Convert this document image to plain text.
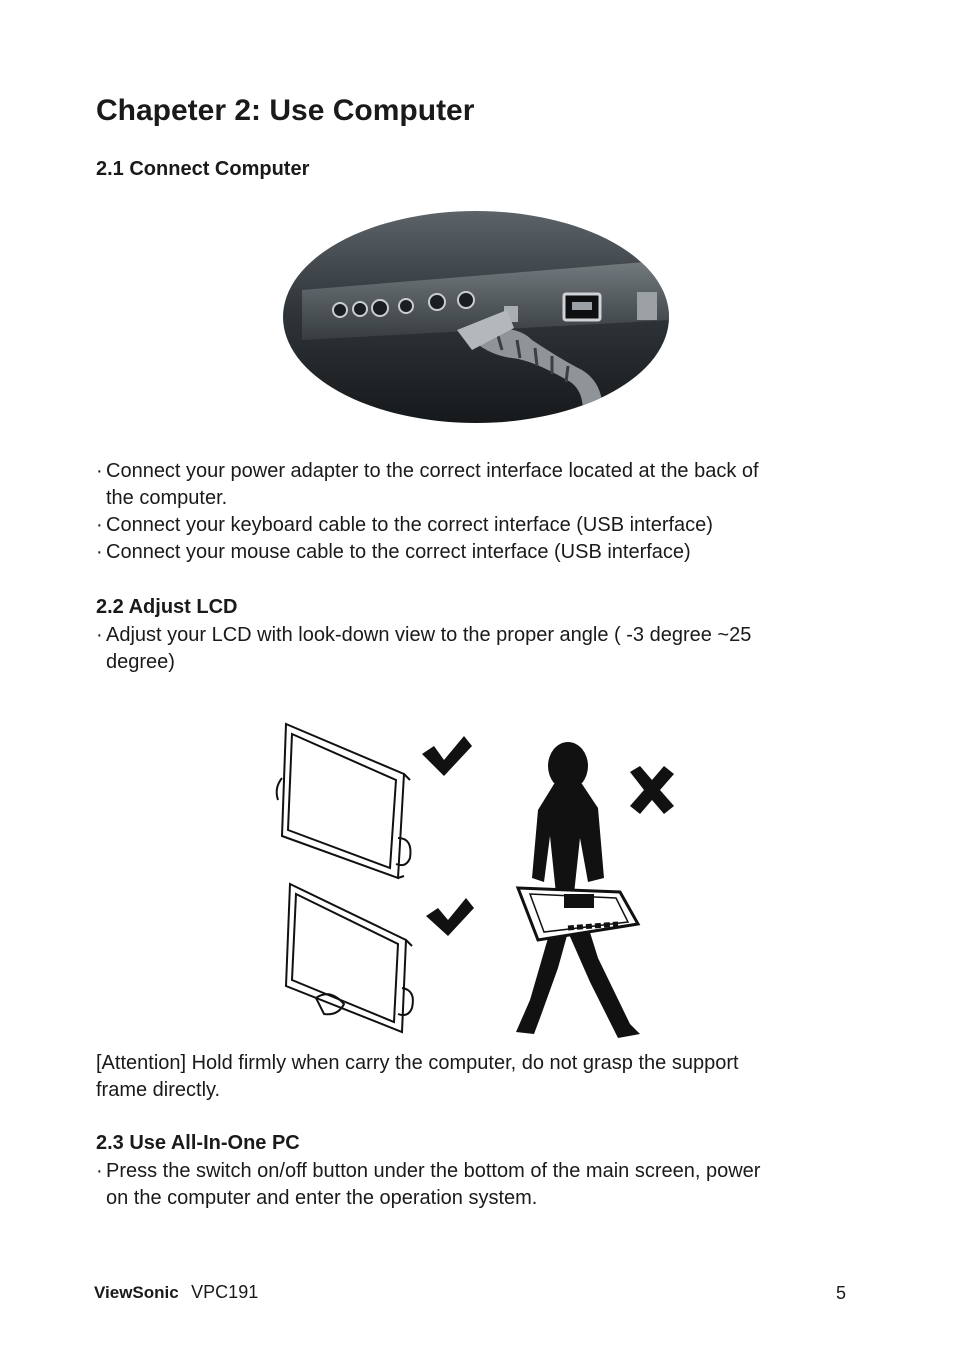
Chapeter 2: Use Computer
2.1 Connect Computer
· Connect your power adapter to the correct interface located at the back of
the computer.
· Connect your keyboard cable to the correct interface (USB interface)
· Connect your mouse cable to the correct interface (USB interface)
2.2 Adjust LCD
· Adjust your LCD with look-down view to the proper angle ( -3 degree ~25
degree)
[Attention] Hold firmly when carry the computer, do not grasp the support
frame directly.
2.3 Use All-In-One PC
· Press the switch on/off button under the bottom of the main screen, power
on the computer and enter the operation system.
ViewSonic VPC191	5
